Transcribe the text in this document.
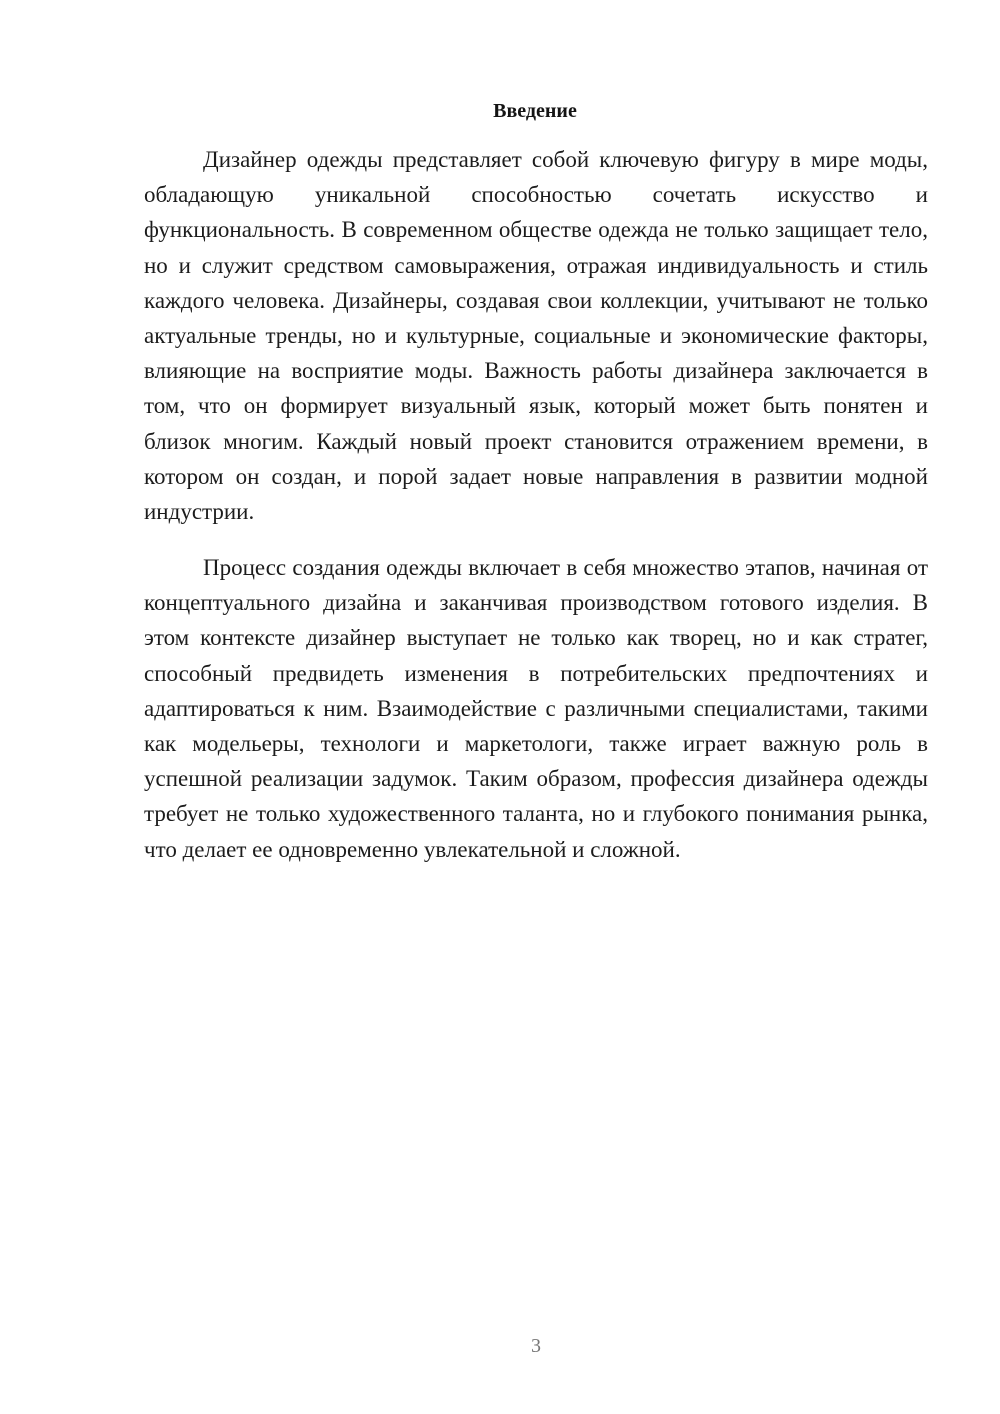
Введение

Дизайнер одежды представляет собой ключевую фигуру в мире моды, обладающую уникальной способностью сочетать искусство и функциональность. В современном обществе одежда не только защищает тело, но и служит средством самовыражения, отражая индивидуальность и стиль каждого человека. Дизайнеры, создавая свои коллекции, учитывают не только актуальные тренды, но и культурные, социальные и экономические факторы, влияющие на восприятие моды. Важность работы дизайнера заключается в том, что он формирует визуальный язык, который может быть понятен и близок многим. Каждый новый проект становится отражением времени, в котором он создан, и порой задает новые направления в развитии модной индустрии.

Процесс создания одежды включает в себя множество этапов, начиная от концептуального дизайна и заканчивая производством готового изделия. В этом контексте дизайнер выступает не только как творец, но и как стратег, способный предвидеть изменения в потребительских предпочтениях и адаптироваться к ним. Взаимодействие с различными специалистами, такими как модельеры, технологи и маркетологи, также играет важную роль в успешной реализации задумок. Таким образом, профессия дизайнера одежды требует не только художественного таланта, но и глубокого понимания рынка, что делает ее одновременно увлекательной и сложной.

3
